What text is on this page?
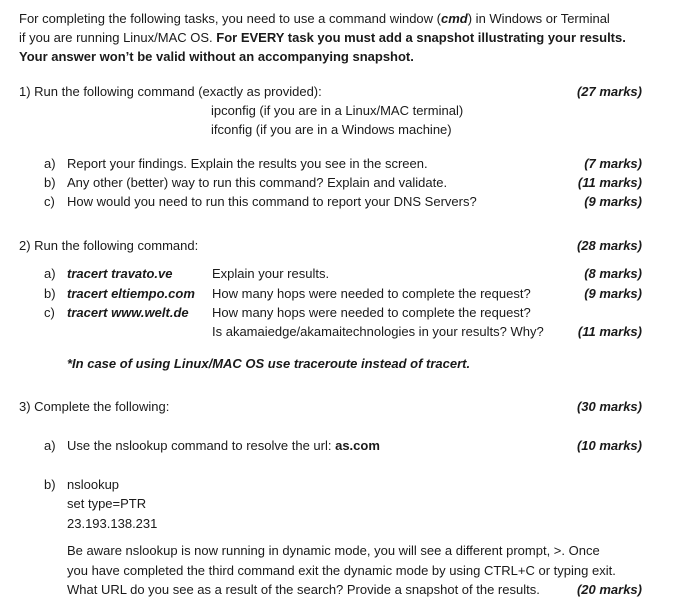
For completing the following tasks, you need to use a command window (cmd) in Windows or Terminal
if you are running Linux/MAC OS. For EVERY task you must add a snapshot illustrating your results.
Your answer won’t be valid without an accompanying snapshot.
1) Run the following command (exactly as provided):	(27 marks)
ipconfig (if you are in a Linux/MAC terminal)
ifconfig (if you are in a Windows machine)
a) Report your findings. Explain the results you see in the screen.	(7 marks)
b) Any other (better) way to run this command? Explain and validate.	(11 marks)
c) How would you need to run this command to report your DNS Servers?	(9 marks)
2) Run the following command:	(28 marks)
a) tracert travato.ve	Explain your results.	(8 marks)
b) tracert eltiempo.com How many hops were needed to complete the request?	(9 marks)
c) tracert www.welt.de How many hops were needed to complete the request?
Is akamaiedge/akamaitechnologies in your results? Why?	(11 marks)
*In case of using Linux/MAC OS use traceroute instead of tracert.
3) Complete the following:	(30 marks)
a) Use the nslookup command to resolve the url: as.com	(10 marks)
b) nslookup
set type=PTR
23.193.138.231
Be aware nslookup is now running in dynamic mode, you will see a different prompt, >. Once
you have completed the third command exit the dynamic mode by using CTRL+C or typing exit.
What URL do you see as a result of the search? Provide a snapshot of the results.	(20 marks)
